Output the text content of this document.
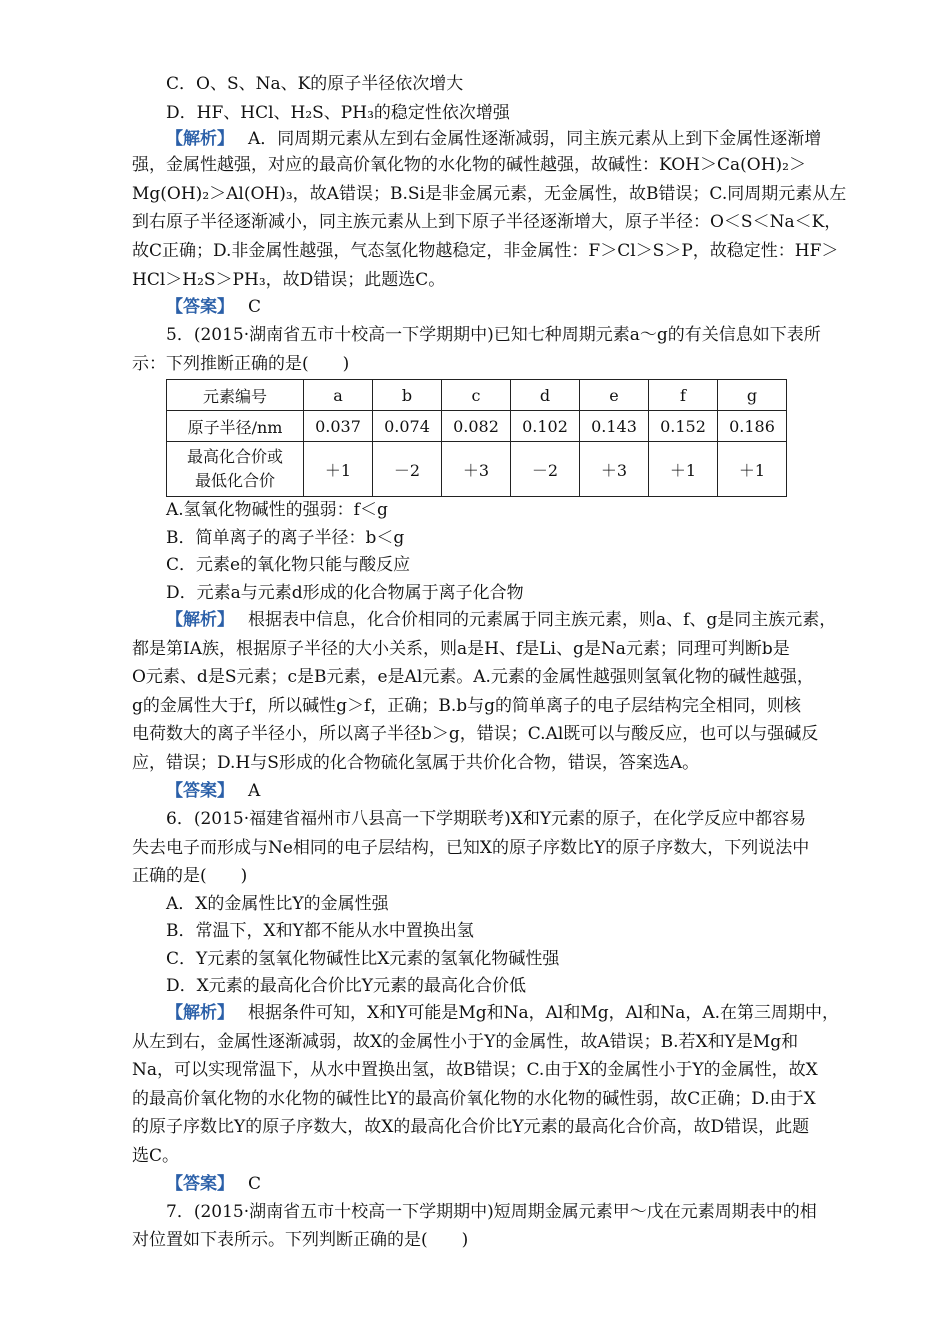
C．O、S、Na、K的原子半径依次增大
D．HF、HCl、H₂S、PH₃的稳定性依次增强
【解析】 A．同周期元素从左到右金属性逐渐减弱，同主族元素从上到下金属性逐渐增
强，金属性越强，对应的最高价氧化物的水化物的碱性越强，故碱性：KOH＞Ca(OH)₂＞
Mg(OH)₂＞Al(OH)₃，故A错误；B.Si是非金属元素，无金属性，故B错误；C.同周期元素从左
到右原子半径逐渐减小，同主族元素从上到下原子半径逐渐增大，原子半径：O＜S＜Na＜K，
故C正确；D.非金属性越强，气态氢化物越稳定，非金属性：F＞Cl＞S＞P，故稳定性：HF＞
HCl＞H₂S＞PH₃，故D错误；此题选C。
【答案】 C
5．(2015·湖南省五市十校高一下学期期中)已知七种周期元素a～g的有关信息如下表所
示：下列推断正确的是(　　)
元素编号	a	b	c	d	e	f	g
原子半径/nm	0.037	0.074	0.082	0.102	0.143	0.152	0.186

最高化合价或
最低化合价	＋1	－2	＋3	－2	＋3	＋1	＋1
A.氢氧化物碱性的强弱：f＜g
B．简单离子的离子半径：b＜g
C．元素e的氧化物只能与酸反应
D．元素a与元素d形成的化合物属于离子化合物
【解析】 根据表中信息，化合价相同的元素属于同主族元素，则a、f、g是同主族元素，
都是第ⅠA族，根据原子半径的大小关系，则a是H、f是Li、g是Na元素；同理可判断b是
O元素、d是S元素；c是B元素，e是Al元素。A.元素的金属性越强则氢氧化物的碱性越强，
g的金属性大于f，所以碱性g＞f，正确；B.b与g的简单离子的电子层结构完全相同，则核
电荷数大的离子半径小，所以离子半径b＞g，错误；C.Al既可以与酸反应，也可以与强碱反
应，错误；D.H与S形成的化合物硫化氢属于共价化合物，错误，答案选A。
【答案】 A
6．(2015·福建省福州市八县高一下学期联考)X和Y元素的原子，在化学反应中都容易
失去电子而形成与Ne相同的电子层结构，已知X的原子序数比Y的原子序数大，下列说法中
正确的是(　　)
A．X的金属性比Y的金属性强
B．常温下，X和Y都不能从水中置换出氢
C．Y元素的氢氧化物碱性比X元素的氢氧化物碱性强
D．X元素的最高化合价比Y元素的最高化合价低
【解析】 根据条件可知，X和Y可能是Mg和Na，Al和Mg，Al和Na，A.在第三周期中，
从左到右，金属性逐渐减弱，故X的金属性小于Y的金属性，故A错误；B.若X和Y是Mg和
Na，可以实现常温下，从水中置换出氢，故B错误；C.由于X的金属性小于Y的金属性，故X
的最高价氧化物的水化物的碱性比Y的最高价氧化物的水化物的碱性弱，故C正确；D.由于X
的原子序数比Y的原子序数大，故X的最高化合价比Y元素的最高化合价高，故D错误，此题
选C。
【答案】 C
7．(2015·湖南省五市十校高一下学期期中)短周期金属元素甲～戊在元素周期表中的相
对位置如下表所示。下列判断正确的是(　　)
